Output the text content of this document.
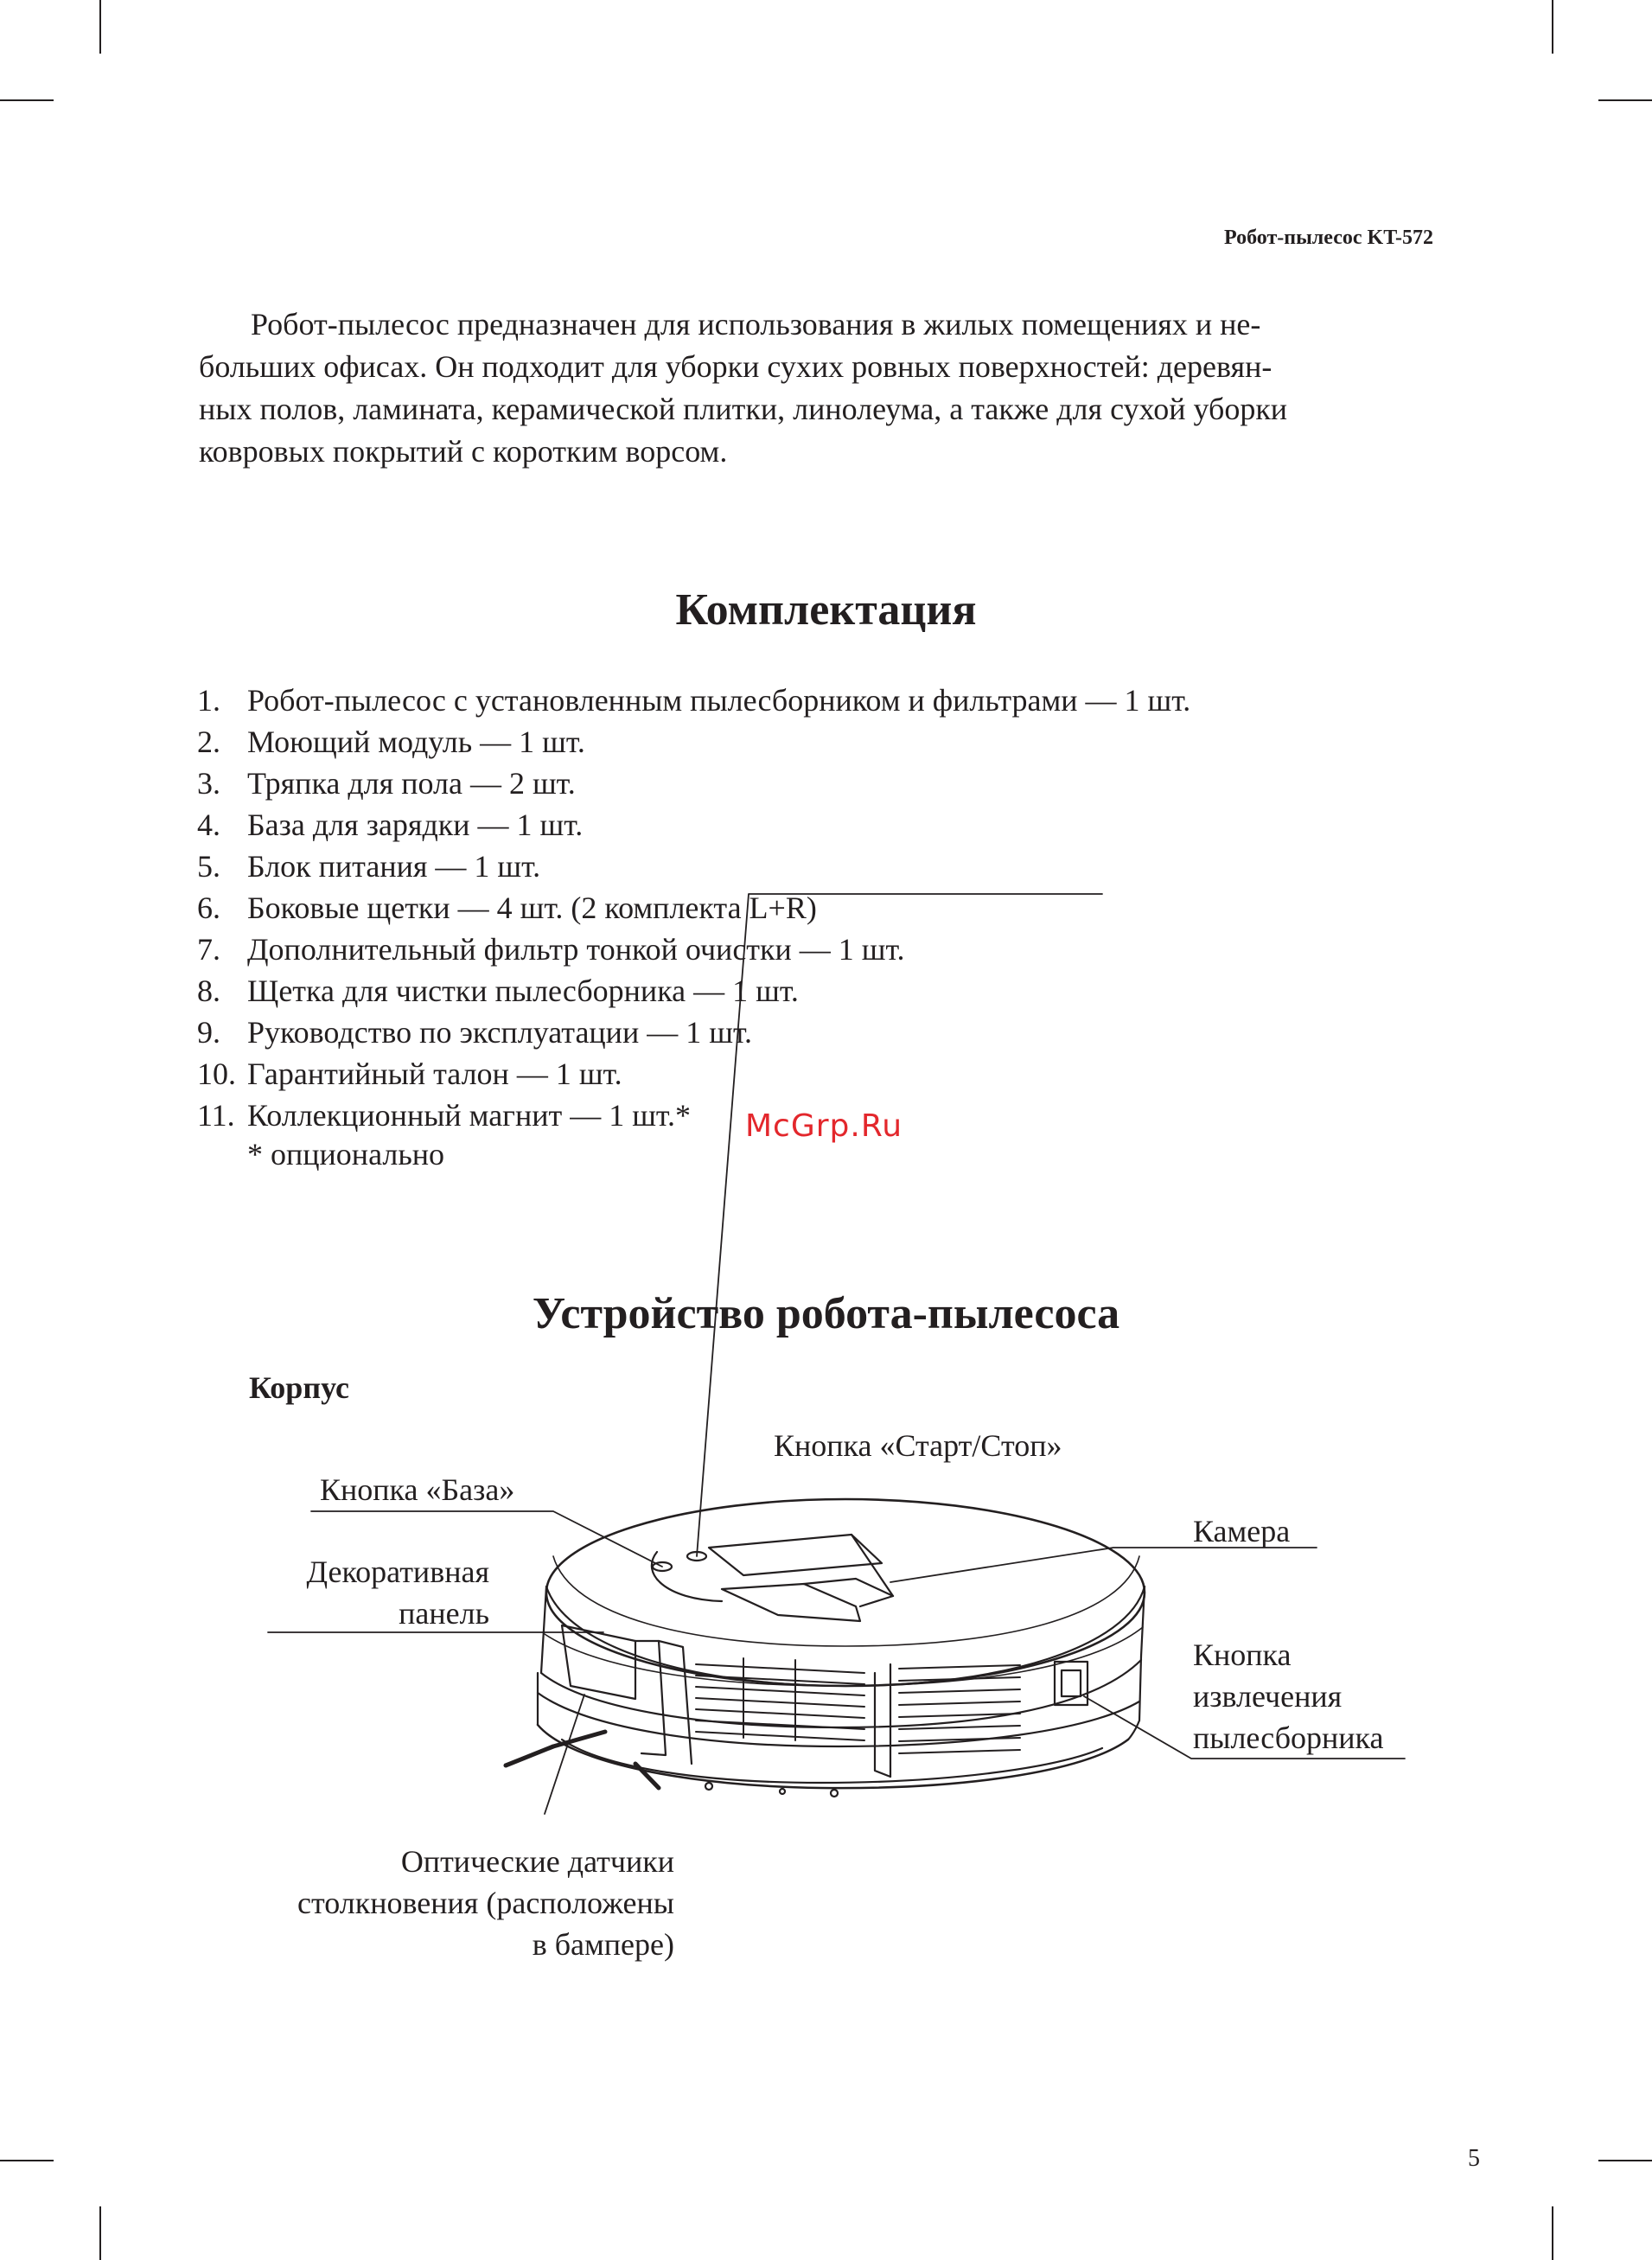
Робот-пылесос KT-572

Робот-пылесос предназначен для использования в жилых помещениях и не-
больших офисах. Он подходит для уборки сухих ровных поверхностей: деревян-
ных полов, ламината, керамической плитки, линолеума, а также для сухой уборки
ковровых покрытий с коротким ворсом.

Комплектация
1. Робот-пылесос с установленным пылесборником и фильтрами — 1 шт.
2. Моющий модуль — 1 шт.
3. Тряпка для пола — 2 шт.
4. База для зарядки — 1 шт.
5. Блок питания — 1 шт.
6. Боковые щетки — 4 шт. (2 комплекта L+R)
7. Дополнительный фильтр тонкой очистки — 1 шт.
8. Щетка для чистки пылесборника — 1 шт.
9. Руководство по эксплуатации — 1 шт.
10. Гарантийный талон — 1 шт.
11. Коллекционный магнит — 1 шт.*
* опционально
McGrp.Ru
Устройство робота-пылесоса
Корпус
Кнопка «Старт/Стоп»
Кнопка «База»
Камера
Декоративная
панель
Кнопка
извлечения
пылесборника
Оптические датчики
столкновения (расположены
в бампере)
5
